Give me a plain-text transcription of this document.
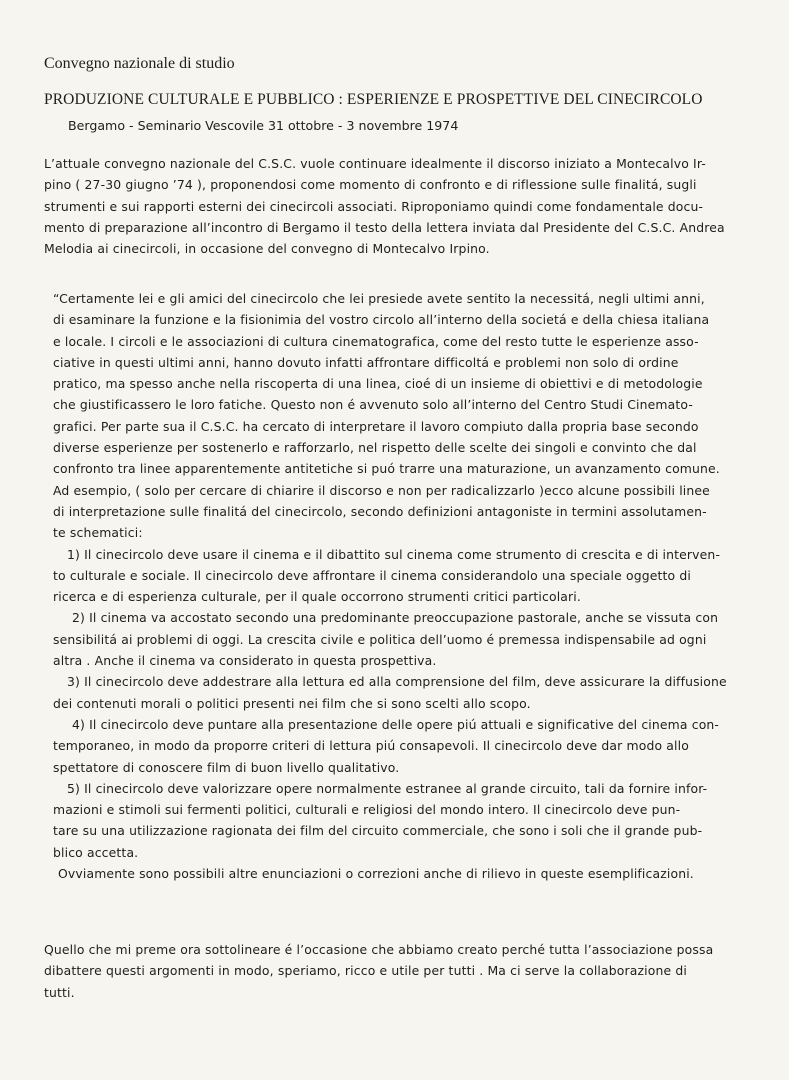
Convegno nazionale di studio
PRODUZIONE CULTURALE E PUBBLICO : ESPERIENZE E PROSPETTIVE DEL CINECIRCOLO
Bergamo - Seminario Vescovile 31 ottobre - 3 novembre 1974
L’attuale convegno nazionale del C.S.C. vuole continuare idealmente il discorso iniziato a Montecalvo Ir-
pino ( 27-30 giugno ’74 ), proponendosi come momento di confronto e di riflessione sulle finalitá, sugli
strumenti e sui rapporti esterni dei cinecircoli associati. Riproponiamo quindi come fondamentale docu-
mento di preparazione all’incontro di Bergamo il testo della lettera inviata dal Presidente del C.S.C. Andrea
Melodia ai cinecircoli, in occasione del convegno di Montecalvo Irpino.
“Certamente lei e gli amici del cinecircolo che lei presiede avete sentito la necessitá, negli ultimi anni,
di esaminare la funzione e la fisionimia del vostro circolo all’interno della societá e della chiesa italiana
e locale. I circoli e le associazioni di cultura cinematografica, come del resto tutte le esperienze asso-
ciative in questi ultimi anni, hanno dovuto infatti affrontare difficoltá e problemi non solo di ordine
pratico, ma spesso anche nella riscoperta di una linea, cioé di un insieme di obiettivi e di metodologie
che giustificassero le loro fatiche. Questo non é avvenuto solo all’interno del Centro Studi Cinemato-
grafici. Per parte sua il C.S.C. ha cercato di interpretare il lavoro compiuto dalla propria base secondo
diverse esperienze per sostenerlo e rafforzarlo, nel rispetto delle scelte dei singoli e convinto che dal
confronto tra linee apparentemente antitetiche si puó trarre una maturazione, un avanzamento comune.
Ad esempio, ( solo per cercare di chiarire il discorso e non per radicalizzarlo )ecco alcune possibili linee
di interpretazione sulle finalitá del cinecircolo, secondo definizioni antagoniste in termini assolutamen-
te schematici:
1) Il cinecircolo deve usare il cinema e il dibattito sul cinema come strumento di crescita e di interven-
to culturale e sociale. Il cinecircolo deve affrontare il cinema considerandolo una speciale oggetto di
ricerca e di esperienza culturale, per il quale occorrono strumenti critici particolari.
2) Il cinema va accostato secondo una predominante preoccupazione pastorale, anche se vissuta con
sensibilitá ai problemi di oggi. La crescita civile e politica dell’uomo é premessa indispensabile ad ogni
altra . Anche il cinema va considerato in questa prospettiva.
3) Il cinecircolo deve addestrare alla lettura ed alla comprensione del film, deve assicurare la diffusione
dei contenuti morali o politici presenti nei film che si sono scelti allo scopo.
4) Il cinecircolo deve puntare alla presentazione delle opere piú attuali e significative del cinema con-
temporaneo, in modo da proporre criteri di lettura piú consapevoli. Il cinecircolo deve dar modo allo
spettatore di conoscere film di buon livello qualitativo.
5) Il cinecircolo deve valorizzare opere normalmente estranee al grande circuito, tali da fornire infor-
mazioni e stimoli sui fermenti politici, culturali e religiosi del mondo intero. Il cinecircolo deve pun-
tare su una utilizzazione ragionata dei film del circuito commerciale, che sono i soli che il grande pub-
blico accetta.
Ovviamente sono possibili altre enunciazioni o correzioni anche di rilievo in queste esemplificazioni.
Quello che mi preme ora sottolineare é l’occasione che abbiamo creato perché tutta l’associazione possa
dibattere questi argomenti in modo, speriamo, ricco e utile per tutti . Ma ci serve la collaborazione di
tutti.
